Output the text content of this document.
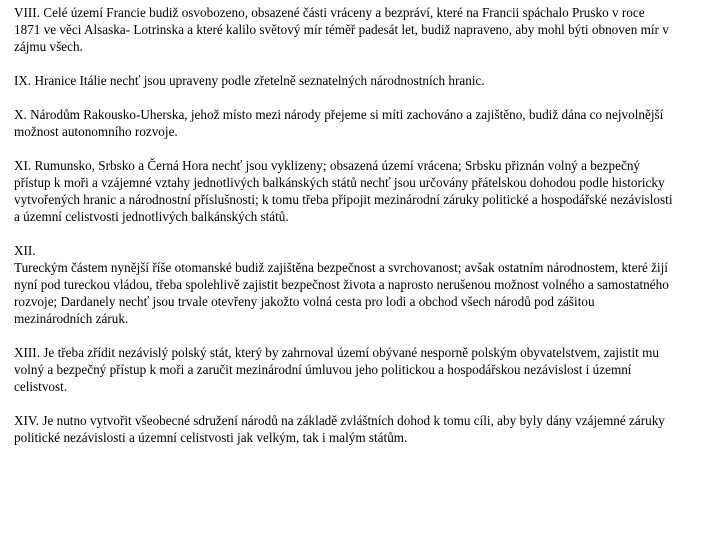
VIII. Celé území Francie budiž osvobozeno, obsazené části vráceny a bezpráví, které na Francii spáchalo Prusko v roce
1871 ve věci Alsaska- Lotrinska a které kalilo světový mír téměř padesát let, budiž napraveno, aby mohl býti obnoven mír v
zájmu všech.

IX. Hranice Itálie nechť jsou upraveny podle zřetelně seznatelných národnostních hranic.

X. Národům Rakousko-Uherska, jehož místo mezi národy přejeme si míti zachováno a zajištěno, budiž dána co nejvolnější
možnost autonomního rozvoje.

XI. Rumunsko, Srbsko a Černá Hora nechť jsou vyklizeny; obsazená území vrácena; Srbsku přiznán volný a bezpečný
přístup k moři a vzájemné vztahy jednotlivých balkánských států nechť jsou určovány přátelskou dohodou podle historicky
vytvořených hranic a národnostní příslušnosti; k tomu třeba připojit mezinárodní záruky politické a hospodářské nezávislosti
a územní celistvosti jednotlivých balkánských států.

XII.
Tureckým částem nynější říše otomanské budiž zajištěna bezpečnost a svrchovanost; avšak ostatním národnostem, které žijí
nyní pod tureckou vládou, třeba spolehlivě zajistit bezpečnost života a naprosto nerušenou možnost volného a samostatného
rozvoje; Dardanely nechť jsou trvale otevřeny jakožto volná cesta pro lodi a obchod všech národů pod zášitou
mezinárodních záruk.

XIII. Je třeba zřídit nezávislý polský stát, který by zahrnoval území obývané nesporně polským obyvatelstvem, zajistit mu
volný a bezpečný přístup k moři a zaručit mezinárodní úmluvou jeho politickou a hospodářskou nezávislost i územní
celistvost.

XIV. Je nutno vytvořit všeobecné sdružení národů na základě zvláštních dohod k tomu cíli, aby byly dány vzájemné záruky
politické nezávislosti a územní celistvosti jak velkým, tak i malým státům.
